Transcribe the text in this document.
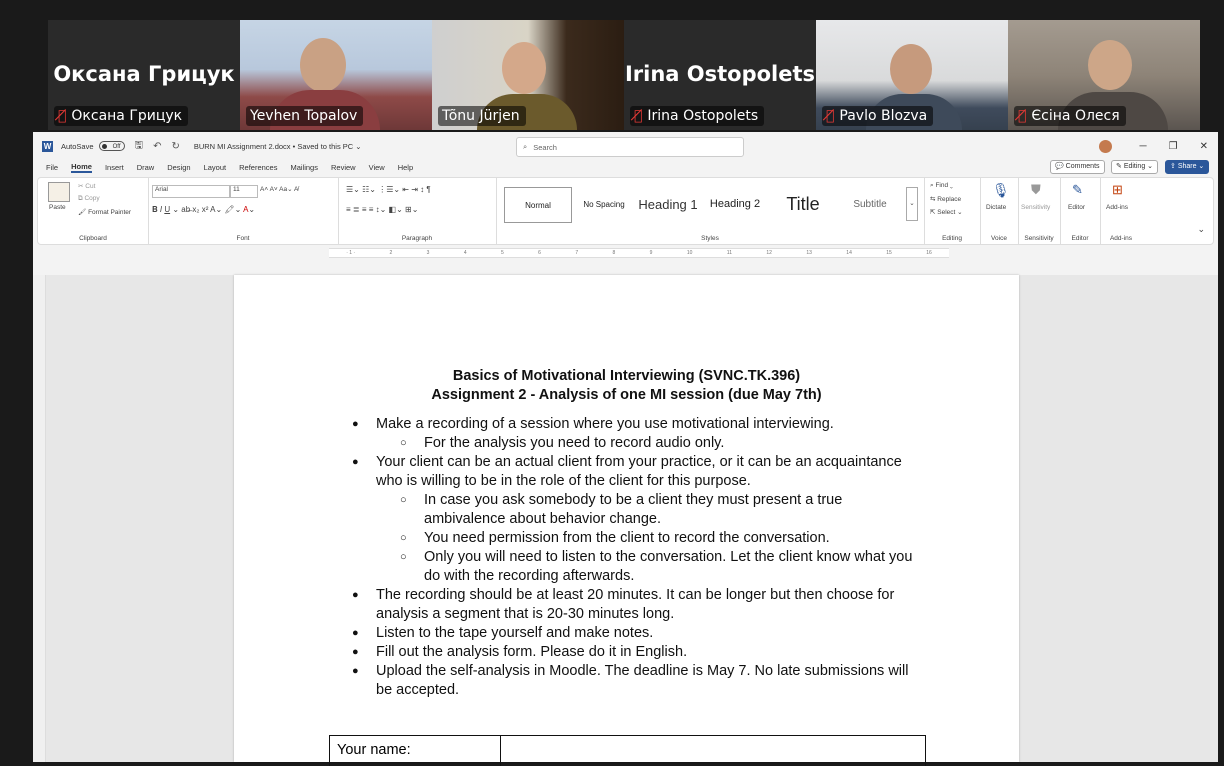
Оксана Грицук
🎙̸ Оксана Грицук	Yevhen Topalov	Tõnu Jürjen
Irina Ostopolets
🎙̸ Irina Ostopolets	🎙̸ Pavlo Blozva	🎙̸ Єсіна Олеся
W AutoSave	Off	🖫 ↶ ↻ BURN MI Assignment 2.docx • Saved to this PC ⌄	⌕ Search	─ ❐ ✕
File Home Insert Draw Design Layout References Mailings Review View Help	💬 Comments	✎ Editing ⌄	⇪ Share ⌄
Paste
✂ Cut
⧉ Copy
🖌 Format Painter
Clipboard
Arial	11	A˄ A˅ Aa⌄ A̸
𝐁 I U ⌄ ab̶ x₂ x² A⌄ 🖍⌄ A⌄
Font
☰⌄ ☷⌄ ⋮☰⌄ ⇤ ⇥ ↕ ¶
≡ ≣ ≡ ≡ ↕⌄ ◧⌄ ⊞⌄
Paragraph
Normal	No Spacing	Heading 1	Heading 2	Title	Subtitle	⌄
Styles
⌕ Find ⌄
⇆ Replace
⇱ Select ⌄
Editing
🎙
Dictate
Voice
⛊
Sensitivity
Sensitivity
✎
Editor
Editor
⊞
Add-ins
Add-ins
⌄
· 1 ·	2	3	4	5	6	7	8	9	10	11	12	13	14	15	16
Basics of Motivational Interviewing (SVNC.TK.396)
Assignment 2 - Analysis of one MI session (due May 7th)
● Make a recording of a session where you use motivational interviewing.
○ For the analysis you need to record audio only.
● Your client can be an actual client from your practice, or it can be an acquaintance who is willing to be in the role of the client for this purpose.
○ In case you ask somebody to be a client they must present a true ambivalence about behavior change.
○ You need permission from the client to record the conversation.
○ Only you will need to listen to the conversation. Let the client know what you do with the recording afterwards.
● The recording should be at least 20 minutes. It can be longer but then choose for analysis a segment that is 20-30 minutes long.
● Listen to the tape yourself and make notes.
● Fill out the analysis form. Please do it in English.
● Upload the self-analysis in Moodle. The deadline is May 7. No late submissions will be accepted.
Your name:
